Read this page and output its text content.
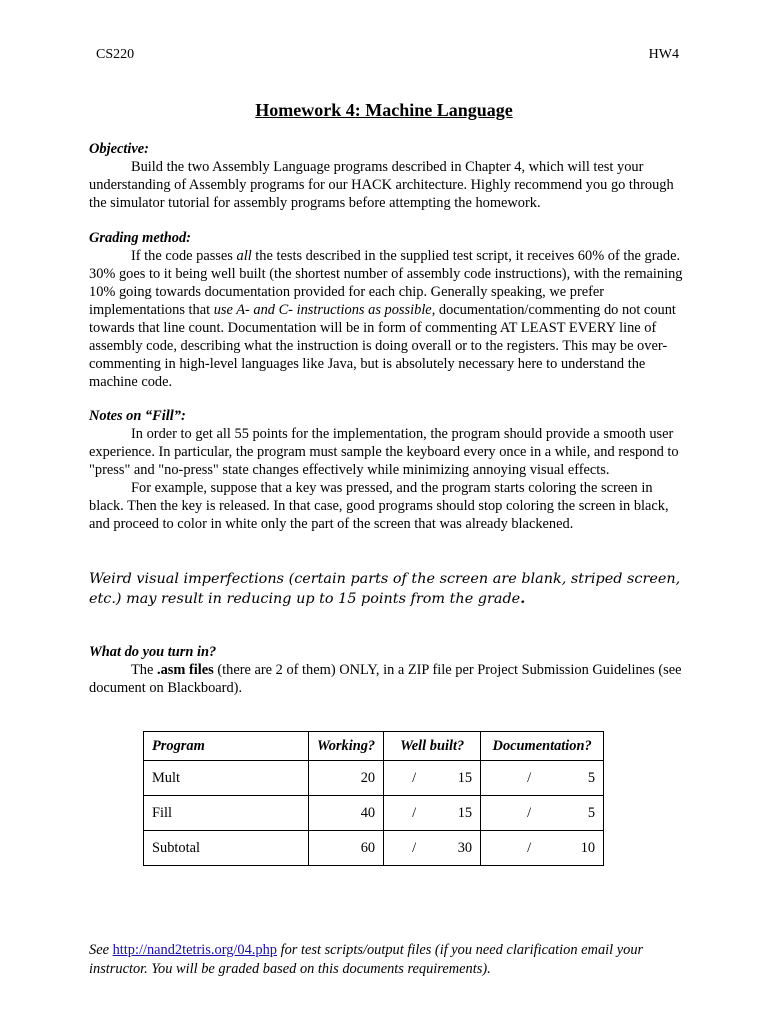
CS220	HW4
Homework 4: Machine Language
Objective:

Build the two Assembly Language programs described in Chapter 4, which will test your understanding of Assembly programs for our HACK architecture. Highly recommend you go through the simulator tutorial for assembly programs before attempting the homework.

Grading method:

If the code passes all the tests described in the supplied test script, it receives 60% of the grade. 30% goes to it being well built (the shortest number of assembly code instructions), with the remaining 10% going towards documentation provided for each chip. Generally speaking, we prefer implementations that use A- and C- instructions as possible, documentation/commenting do not count towards that line count. Documentation will be in form of commenting AT LEAST EVERY line of assembly code, describing what the instruction is doing overall or to the registers. This may be over-commenting in high-level languages like Java, but is absolutely necessary here to understand the machine code.

Notes on “Fill”:

In order to get all 55 points for the implementation, the program should provide a smooth user experience. In particular, the program must sample the keyboard every once in a while, and respond to "press" and "no-press" state changes effectively while minimizing annoying visual effects.

For example, suppose that a key was pressed, and the program starts coloring the screen in black. Then the key is released. In that case, good programs should stop coloring the screen in black, and proceed to color in white only the part of the screen that was already blackened.

Weird visual imperfections (certain parts of the screen are blank, striped screen, etc.) may result in reducing up to 15 points from the grade.
What do you turn in?

The .asm files (there are 2 of them) ONLY, in a ZIP file per Project Submission Guidelines (see document on Blackboard).

Program	Working?	Well built?	Documentation?
Mult	20	/ 15	/ 5

Fill	40	/ 15	/ 5

Subtotal	60	/ 30	/ 10
See http://nand2tetris.org/04.php for test scripts/output files (if you need clarification email your instructor. You will be graded based on this documents requirements).
